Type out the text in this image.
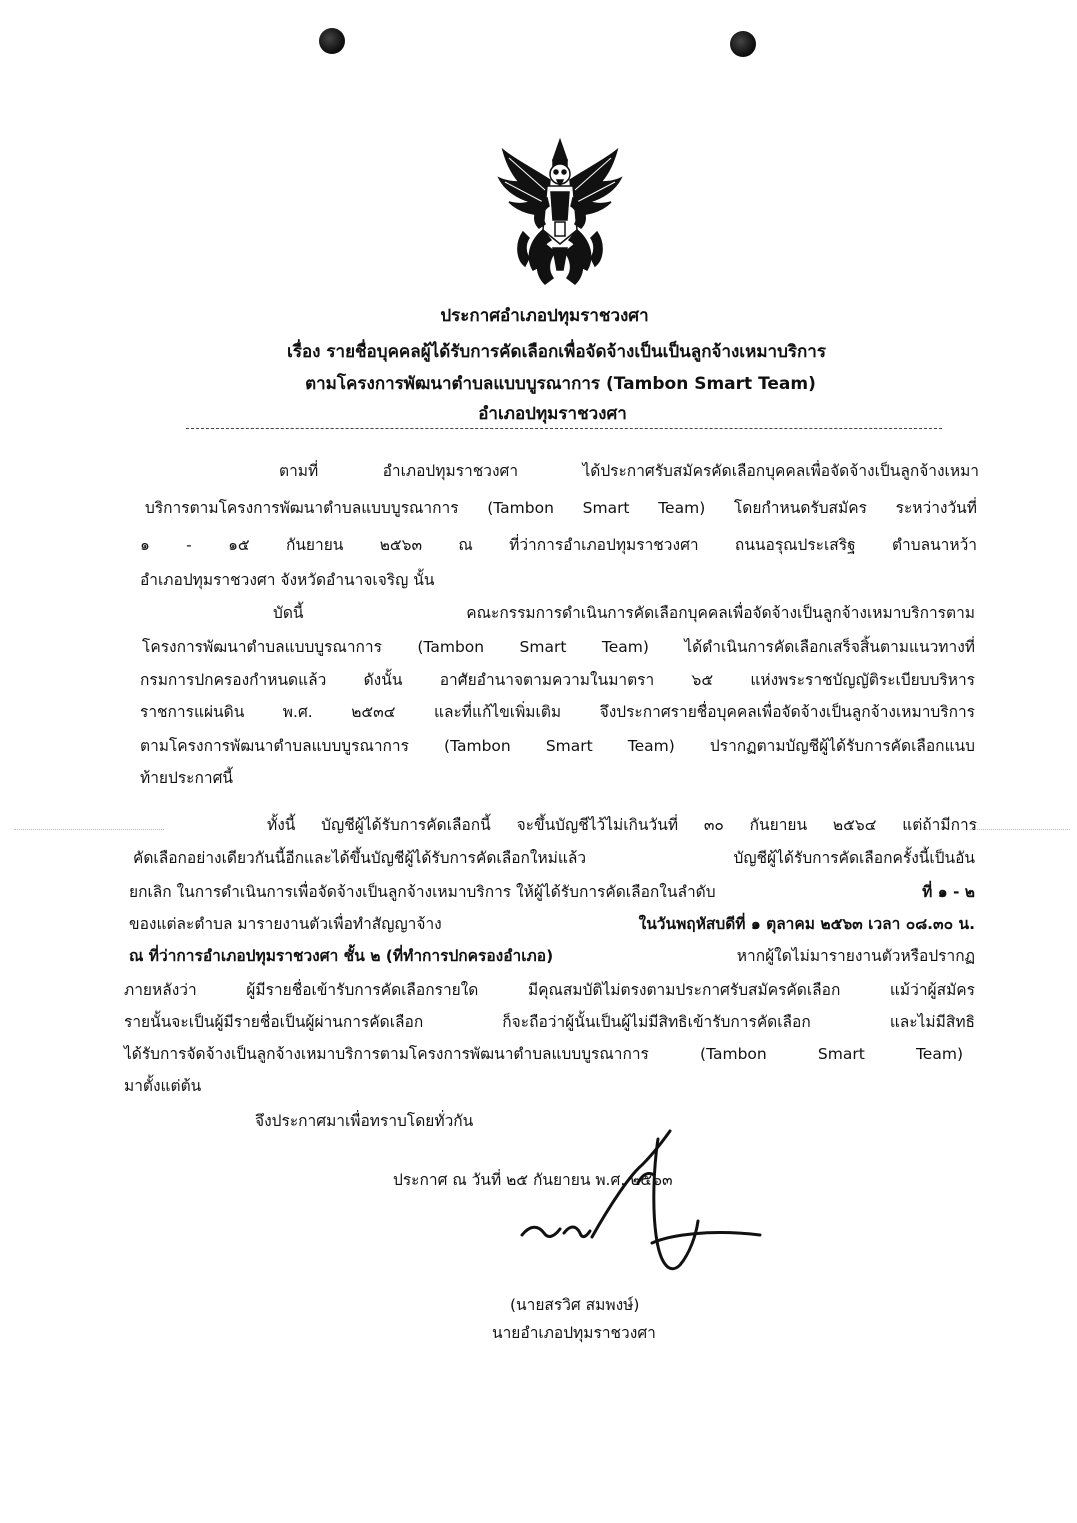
ประกาศอำเภอปทุมราชวงศา
เรื่อง รายชื่อบุคคลผู้ได้รับการคัดเลือกเพื่อจัดจ้างเป็นเป็นลูกจ้างเหมาบริการ
ตามโครงการพัฒนาตำบลแบบบูรณาการ (Tambon Smart Team)
อำเภอปทุมราชวงศา
ตามที่ อำเภอปทุมราชวงศา ได้ประกาศรับสมัครคัดเลือกบุคคลเพื่อจัดจ้างเป็นลูกจ้างเหมา
บริการตามโครงการพัฒนาตำบลแบบบูรณาการ (Tambon Smart Team) โดยกำหนดรับสมัคร ระหว่างวันที่
๑ - ๑๕ กันยายน ๒๕๖๓ ณ ที่ว่าการอำเภอปทุมราชวงศา ถนนอรุณประเสริฐ ตำบลนาหว้า
อำเภอปทุมราชวงศา จังหวัดอำนาจเจริญ นั้น
บัดนี้ คณะกรรมการดำเนินการคัดเลือกบุคคลเพื่อจัดจ้างเป็นลูกจ้างเหมาบริการตาม
โครงการพัฒนาตำบลแบบบูรณาการ (Tambon Smart Team) ได้ดำเนินการคัดเลือกเสร็จสิ้นตามแนวทางที่
กรมการปกครองกำหนดแล้ว ดังนั้น อาศัยอำนาจตามความในมาตรา ๖๕ แห่งพระราชบัญญัติระเบียบบริหาร
ราชการแผ่นดิน พ.ศ. ๒๕๓๔ และที่แก้ไขเพิ่มเติม จึงประกาศรายชื่อบุคคลเพื่อจัดจ้างเป็นลูกจ้างเหมาบริการ
ตามโครงการพัฒนาตำบลแบบบูรณาการ (Tambon Smart Team) ปรากฏตามบัญชีผู้ได้รับการคัดเลือกแนบ
ท้ายประกาศนี้
ทั้งนี้ บัญชีผู้ได้รับการคัดเลือกนี้ จะขึ้นบัญชีไว้ไม่เกินวันที่ ๓๐ กันยายน ๒๕๖๔ แต่ถ้ามีการ
คัดเลือกอย่างเดียวกันนี้อีกและได้ขึ้นบัญชีผู้ได้รับการคัดเลือกใหม่แล้ว บัญชีผู้ได้รับการคัดเลือกครั้งนี้เป็นอัน
ยกเลิก ในการดำเนินการเพื่อจัดจ้างเป็นลูกจ้างเหมาบริการ ให้ผู้ได้รับการคัดเลือกในลำดับ	ที่ ๑ - ๒
ของแต่ละตำบล มารายงานตัวเพื่อทำสัญญาจ้าง	ในวันพฤหัสบดีที่ ๑ ตุลาคม ๒๕๖๓ เวลา ๐๘.๓๐ น.
ณ ที่ว่าการอำเภอปทุมราชวงศา ชั้น ๒ (ที่ทำการปกครองอำเภอ)	หากผู้ใดไม่มารายงานตัวหรือปรากฏ
ภายหลังว่า ผู้มีรายชื่อเข้ารับการคัดเลือกรายใด มีคุณสมบัติไม่ตรงตามประกาศรับสมัครคัดเลือก แม้ว่าผู้สมัคร
รายนั้นจะเป็นผู้มีรายชื่อเป็นผู้ผ่านการคัดเลือก ก็จะถือว่าผู้นั้นเป็นผู้ไม่มีสิทธิเข้ารับการคัดเลือก และไม่มีสิทธิ
ได้รับการจัดจ้างเป็นลูกจ้างเหมาบริการตามโครงการพัฒนาตำบลแบบบูรณาการ (Tambon Smart Team)
มาตั้งแต่ต้น
จึงประกาศมาเพื่อทราบโดยทั่วกัน
ประกาศ ณ วันที่ ๒๕ กันยายน พ.ศ. ๒๕๖๓
(นายสรวิศ สมพงษ์)
นายอำเภอปทุมราชวงศา
